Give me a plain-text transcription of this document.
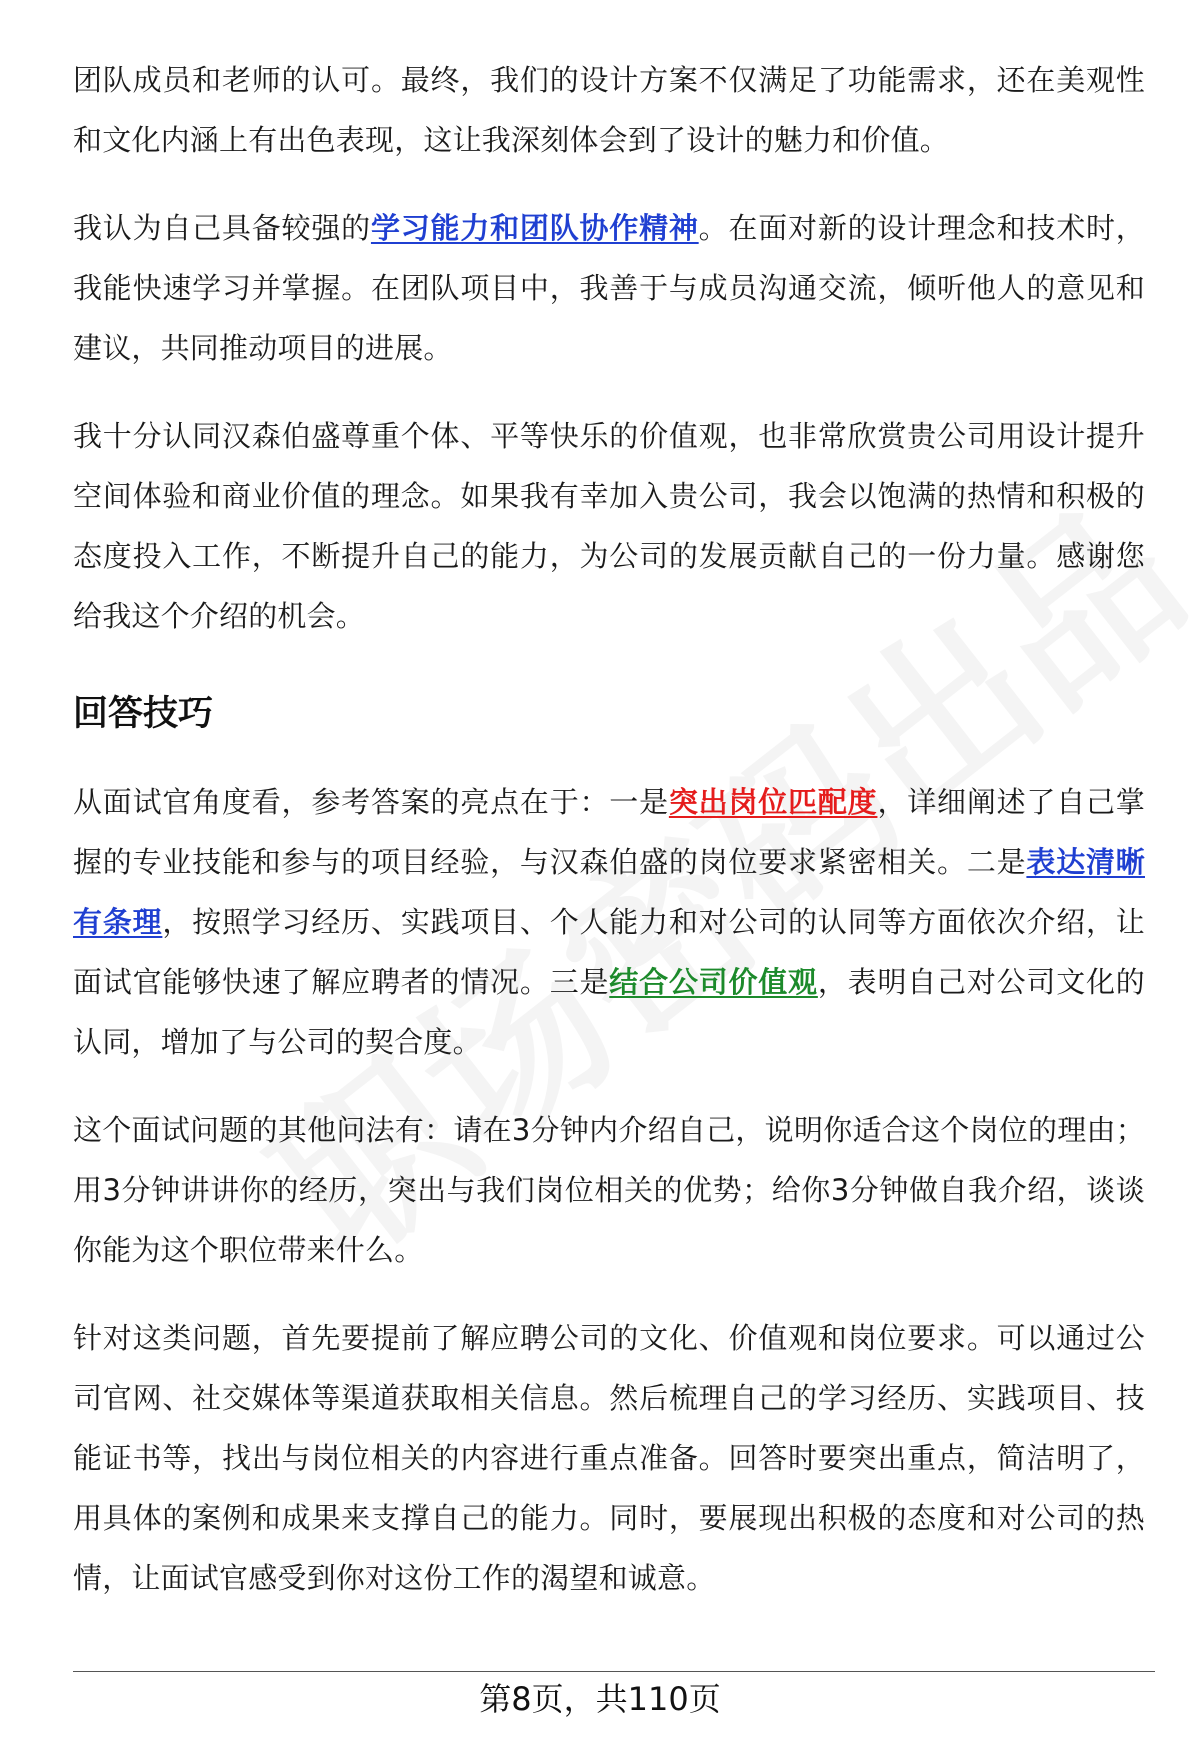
团队成员和老师的认可。最终，我们的设计方案不仅满足了功能需求，还在美观性和文化内涵上有出色表现，这让我深刻体会到了设计的魅力和价值。

我认为自己具备较强的学习能力和团队协作精神。在面对新的设计理念和技术时，我能快速学习并掌握。在团队项目中，我善于与成员沟通交流，倾听他人的意见和建议，共同推动项目的进展。

我十分认同汉森伯盛尊重个体、平等快乐的价值观，也非常欣赏贵公司用设计提升空间体验和商业价值的理念。如果我有幸加入贵公司，我会以饱满的热情和积极的态度投入工作，不断提升自己的能力，为公司的发展贡献自己的一份力量。感谢您给我这个介绍的机会。

回答技巧

从面试官角度看，参考答案的亮点在于：一是突出岗位匹配度，详细阐述了自己掌握的专业技能和参与的项目经验，与汉森伯盛的岗位要求紧密相关。二是表达清晰有条理，按照学习经历、实践项目、个人能力和对公司的认同等方面依次介绍，让面试官能够快速了解应聘者的情况。三是结合公司价值观，表明自己对公司文化的认同，增加了与公司的契合度。

这个面试问题的其他问法有：请在3分钟内介绍自己，说明你适合这个岗位的理由；用3分钟讲讲你的经历，突出与我们岗位相关的优势；给你3分钟做自我介绍，谈谈你能为这个职位带来什么。

针对这类问题，首先要提前了解应聘公司的文化、价值观和岗位要求。可以通过公司官网、社交媒体等渠道获取相关信息。然后梳理自己的学习经历、实践项目、技能证书等，找出与岗位相关的内容进行重点准备。回答时要突出重点，简洁明了，用具体的案例和成果来支撑自己的能力。同时，要展现出积极的态度和对公司的热情，让面试官感受到你对这份工作的渴望和诚意。

第8页，共110页
